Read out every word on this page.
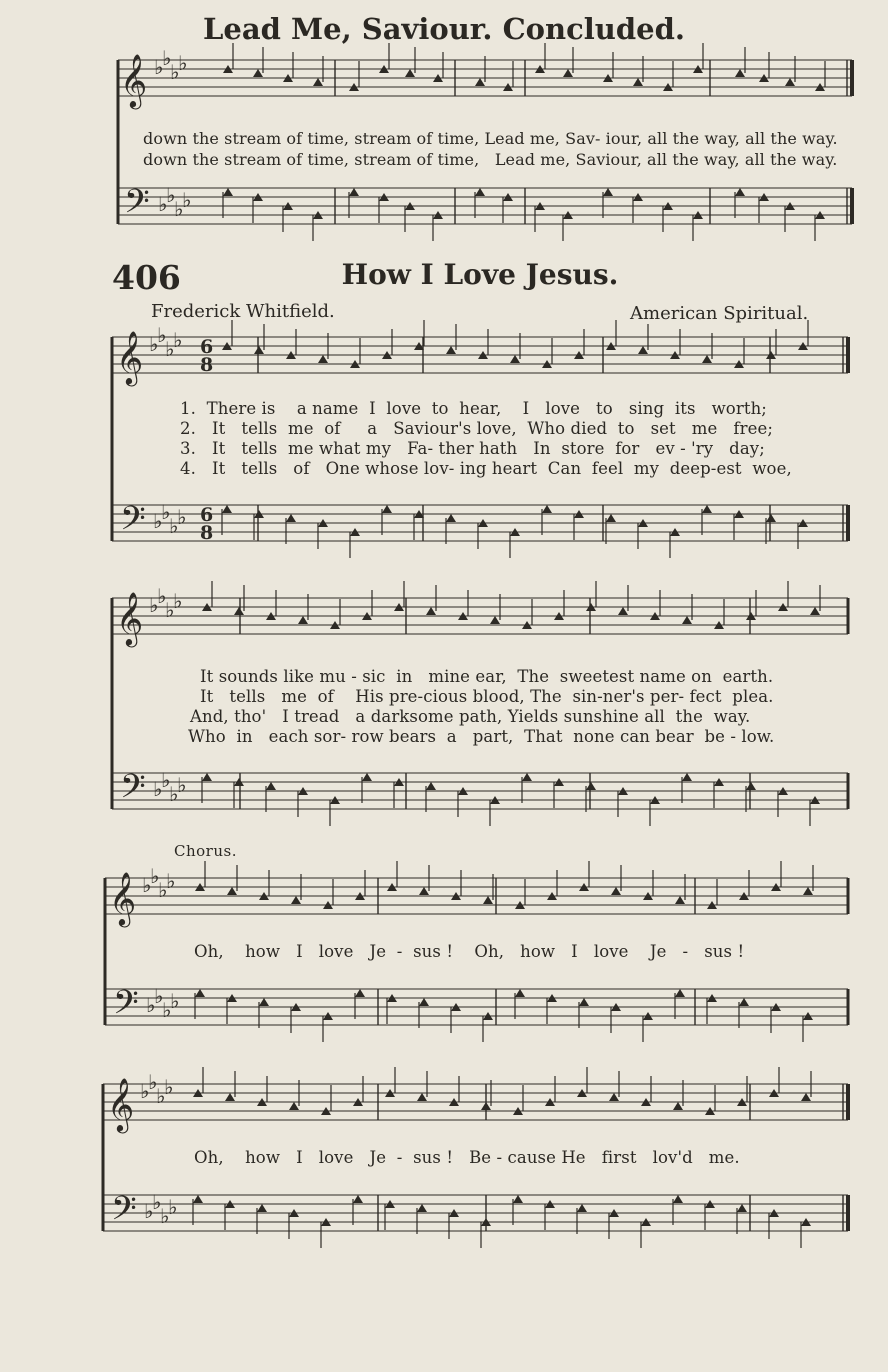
Lead Me, Saviour. Concluded.
𝄞 ♭
♭
♭
♭
𝄢 ♭
♭
♭
♭
𝄞 ♭
♭
♭
♭
𝄢 ♭
♭
♭
♭
6
6
8
8
𝄞 ♭
♭
♭
♭
𝄢 ♭
♭
♭
♭
𝄞 ♭
♭
♭
♭
𝄢 ♭
♭
♭
♭
𝄞 ♭
♭
♭
♭
𝄢 ♭
♭
♭
♭
down the stream of time, stream of time, Lead me, Sav- iour, all the way, all the way.
down the stream of time, stream of time,   Lead me, Saviour, all the way, all the way.
406	How I Love Jesus.
Frederick Whitfield.	American Spiritual.
1.  There is    a name  I  love  to  hear,    I   love   to   sing  its   worth;
2.   It   tells  me  of     a   Saviour's love,  Who died  to   set   me   free;
3.   It   tells  me what my   Fa- ther hath   In  store  for   ev - 'ry   day;
4.   It   tells   of   One whose lov- ing heart  Can  feel  my  deep-est  woe,
It sounds like mu - sic  in   mine ear,  The  sweetest name on  earth.
It   tells   me  of    His pre-cious blood, The  sin-ner's per- fect  plea.
And, tho'   I tread   a darksome path, Yields sunshine all  the  way.
Who  in   each sor- row bears  a   part,  That  none can bear  be - low.
Chorus.
Oh,    how   I   love   Je  -  sus !    Oh,   how   I   love    Je   -   sus !
Oh,    how   I   love   Je  -  sus !   Be - cause He   first   lov'd   me.
